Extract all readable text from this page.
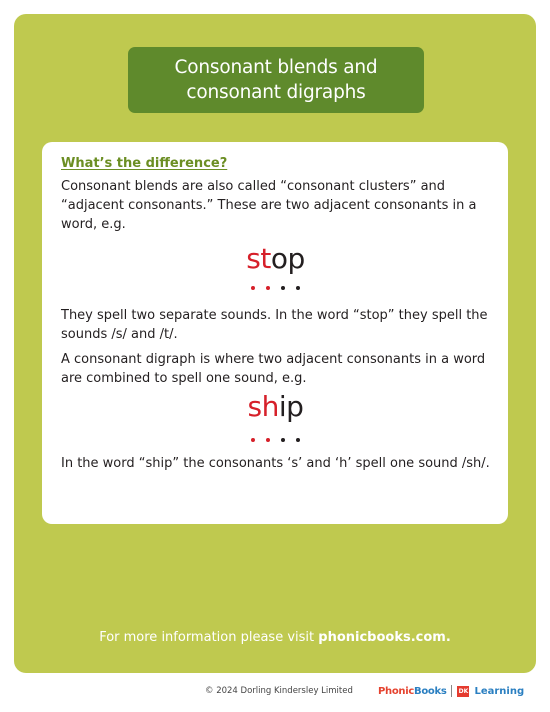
Consonant blends and
consonant digraphs
What’s the difference?

Consonant blends are also called “consonant clusters” and “adjacent consonants.” These are two adjacent consonants in a word, e.g.

stop

They spell two separate sounds. In the word “stop” they spell the sounds /s/ and /t/.

A consonant digraph is where two adjacent consonants in a word are combined to spell one sound, e.g.

ship

In the word “ship” the consonants ‘s’ and ‘h’ spell one sound /sh/.

For more information please visit phonicbooks.com.
© 2024 Dorling Kindersley Limited	PhonicBooks DK Learning
